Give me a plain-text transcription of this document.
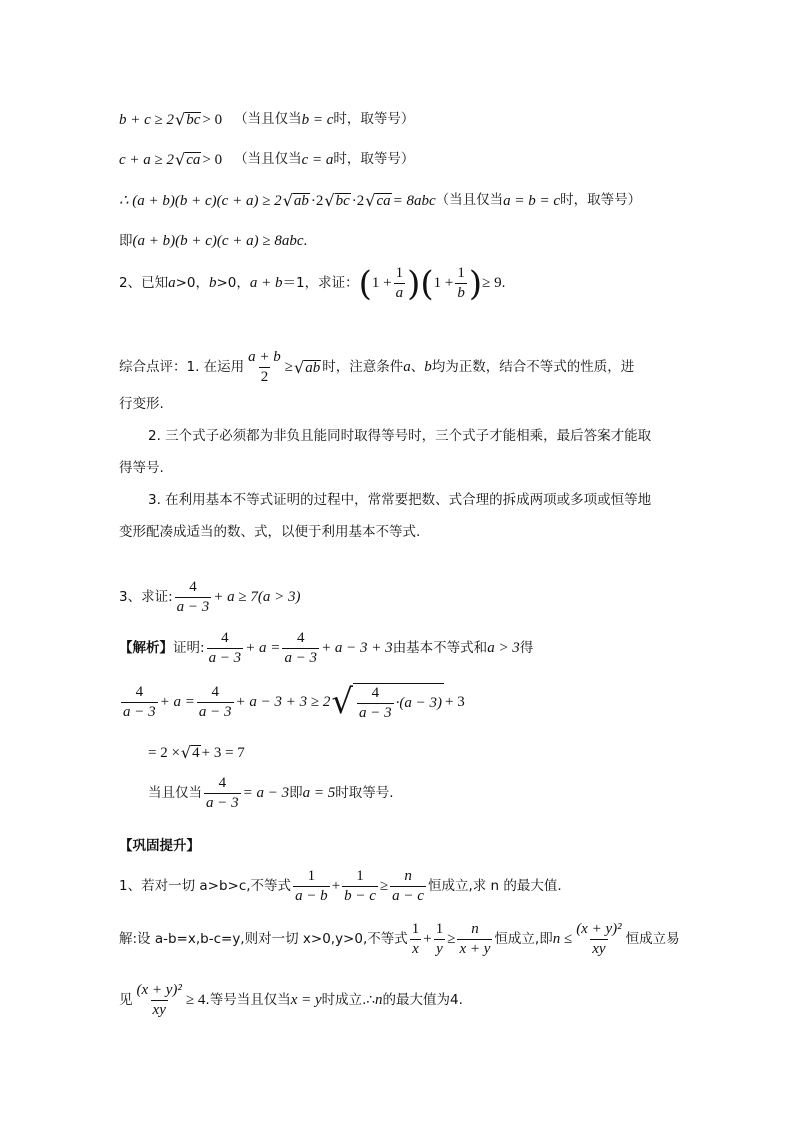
b + c ≥ 2 √ bc > 0 （当且仅当 b = c 时，取等号）
c + a ≥ 2 √ ca > 0 （当且仅当 c = a 时，取等号）
∴ (a + b)(b + c)(c + a) ≥ 2 √ ab ·2 √ bc ·2 √ ca = 8abc （当且仅当 a = b = c 时，取等号）
即 (a + b)(b + c)(c + a) ≥ 8abc .
2、已知 a >0， b >0， a + b ＝1，求证： ( $1 + \frac{1}{a}$ )( $1 + \frac{1}{b}$ ) ≥ 9 .
综合点评：1. 在运用 $\frac{a + b}{2}$ ≥ √ ab 时，注意条件 a 、 b 均为正数，结合不等式的性质，进
行变形.
2. 三个式子必须都为非负且能同时取得等号时，三个式子才能相乘，最后答案才能取
得等号.
3. 在利用基本不等式证明的过程中，常常要把数、式合理的拆成两项或多项或恒等地
变形配凑成适当的数、式，以便于利用基本不等式.
3、求证: $\frac{4}{a - 3} + a \ge 7(a > 3)$
【解析】 证明: $\frac{4}{a - 3} + a = \frac{4}{a - 3} + a - 3 + 3$ 由基本不等式和 a > 3 得
$\frac{4}{a - 3} + a = \frac{4}{a - 3} + a - 3 + 3 \ge 2$ √ $\frac{4}{a - 3} \cdot(a - 3) + 3$
= 2 × √ 4 + 3 = 7
当且仅当 $\frac{4}{a - 3} = a - 3$ 即 a = 5 时取等号.
【巩固提升】
1、若对一切 a>b>c,不等式 $\frac{1}{a - b} + \frac{1}{b - c} \ge \frac{n}{a - c}$ 恒成立,求 n 的最大值.
解:设 a-b=x,b-c=y,则对一切 x>0,y>0,不等式 $\frac{1}{x} + \frac{1}{y} \ge \frac{n}{x + y}$ 恒成立,即 $n \le \frac{\text{(x + y)²}}{xy}$ 恒成立易
见 $\frac{\text{(x + y)²}}{xy} \ge 4$ .等号当且仅当 x = y 时成立.∴ n 的最大值为4.
